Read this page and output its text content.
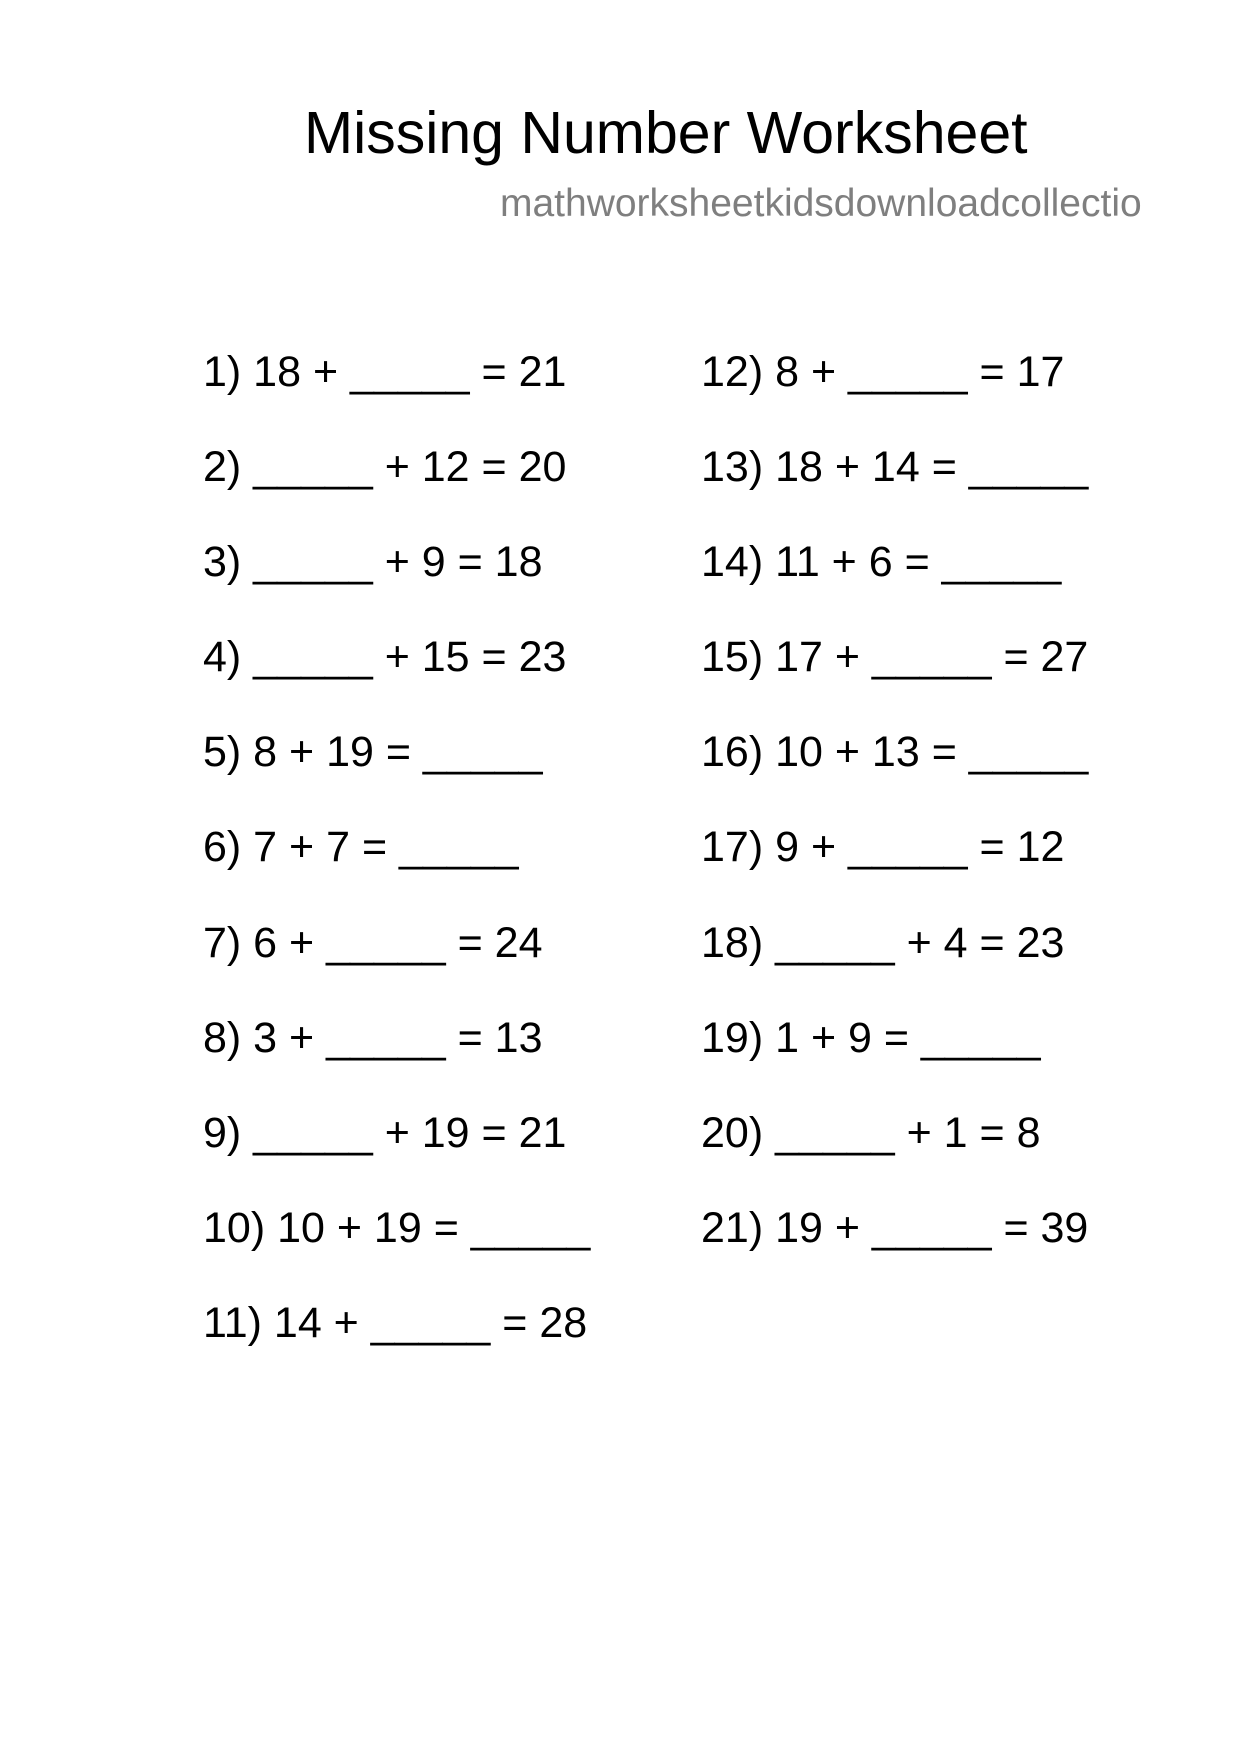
Missing Number Worksheet
mathworksheetkidsdownloadcollectio
1) 18 + _____ = 21
2) _____ + 12 = 20
3) _____ + 9 = 18
4) _____ + 15 = 23
5) 8 + 19 = _____
6) 7 + 7 = _____
7) 6 + _____ = 24
8) 3 + _____ = 13
9) _____ + 19 = 21
10) 10 + 19 = _____
11) 14 + _____ = 28
12) 8 + _____ = 17
13) 18 + 14 = _____
14) 11 + 6 = _____
15) 17 + _____ = 27
16) 10 + 13 = _____
17) 9 + _____ = 12
18) _____ + 4 = 23
19) 1 + 9 = _____
20) _____ + 1 = 8
21) 19 + _____ = 39
